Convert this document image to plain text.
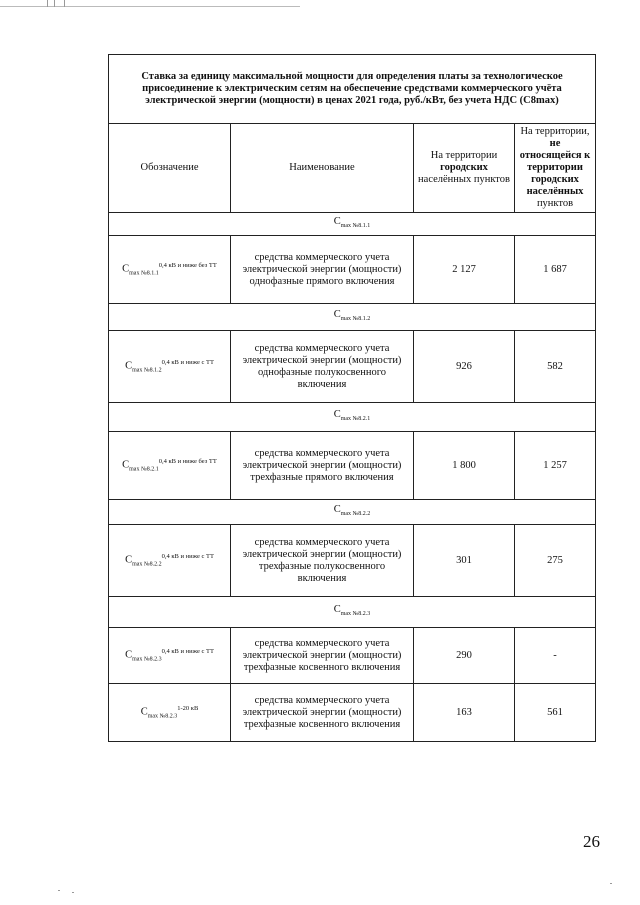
Ставка за единицу максимальной мощности для определения платы за технологическое присоединение к электрическим сетям на обеспечение средствами коммерческого учёта электрической энергии (мощности) в ценах 2021 года, руб./кВт, без учета НДС (C8max)			
Обозначение	Наименование	На территории городских населённых пунктов	На территории, не относящейся к территории городских населённых пунктов
$C_{max №8.1.1}$
$C_{max №8.1.1}^{0,4 кВ и ниже без ТТ}$	средства коммерческого учета электрической энергии (мощности) однофазные прямого включения	2 127	1 687
$C_{max №8.1.2}$
$C_{max №8.1.2}^{0,4 кВ и ниже с ТТ}$	средства коммерческого учета электрической энергии (мощности) однофазные полукосвенного включения	926	582
$C_{max №8.2.1}$
$C_{max №8.2.1}^{0,4 кВ и ниже без ТТ}$	средства коммерческого учета электрической энергии (мощности) трехфазные прямого включения	1 800	1 257
$C_{max №8.2.2}$
$C_{max №8.2.2}^{0,4 кВ и ниже с ТТ}$	средства коммерческого учета электрической энергии (мощности) трехфазные полукосвенного включения	301	275
$C_{max №8.2.3}$
$C_{max №8.2.3}^{0,4 кВ и ниже с ТТ}$	средства коммерческого учета электрической энергии (мощности) трехфазные косвенного включения	290	-
$C_{max №8.2.3}^{1-20 кВ}$	средства коммерческого учета электрической энергии (мощности) трехфазные косвенного включения	163	561
26
